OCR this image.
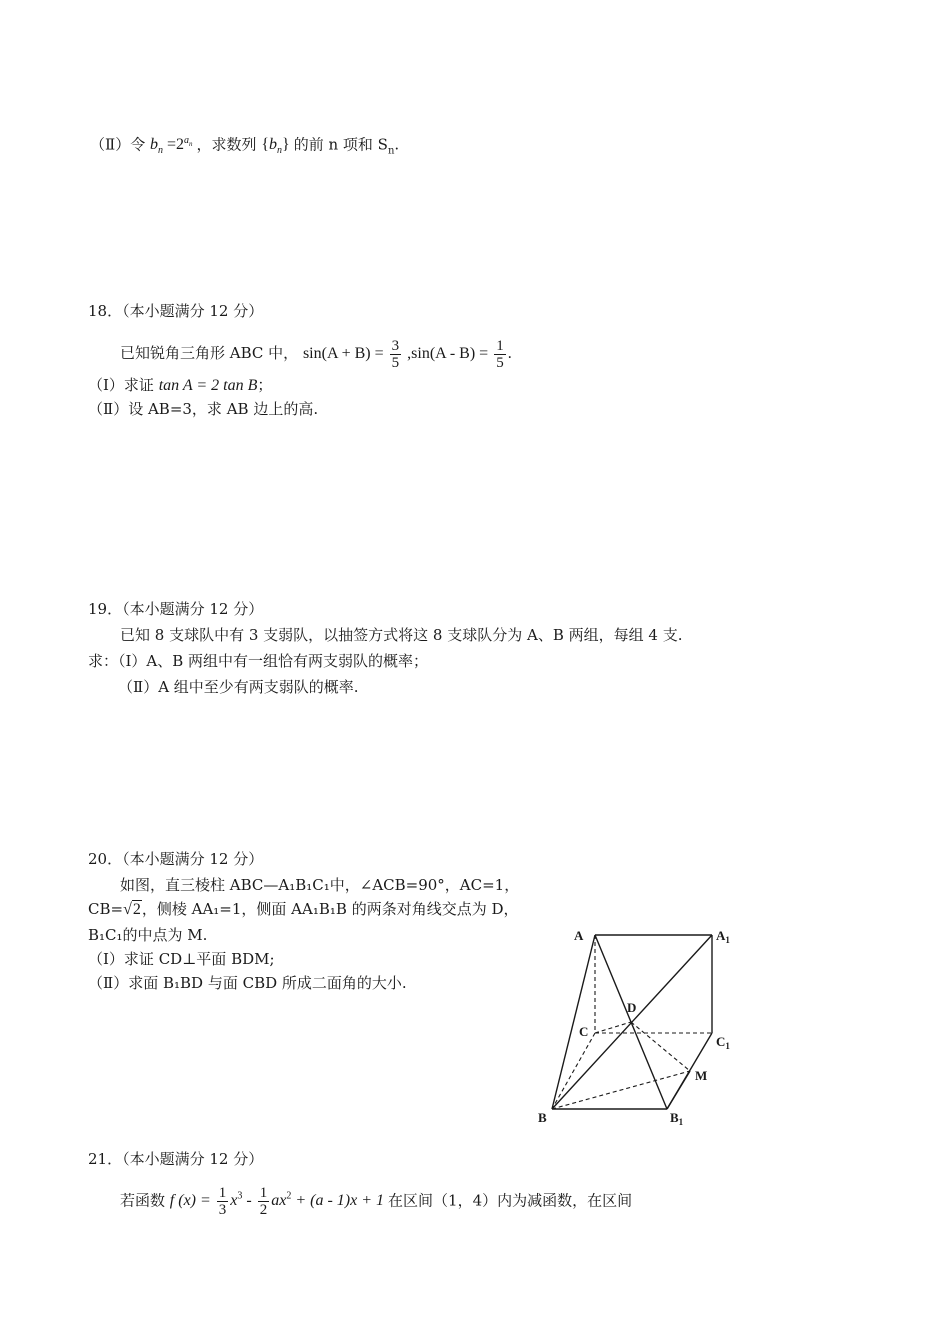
（Ⅱ）令 $b_n =2^{a_n}$ ，求数列 $\{b_n\}$ 的前 n 项和 $S_n$.
18．（本小题满分 12 分）
已知锐角三角形 ABC 中， $\sin(A + B) = \frac{3}{5} ,\sin(A - B) = \frac{1}{5}$ .
（Ⅰ）求证 tan A = 2 tan B；
（Ⅱ）设 AB=3，求 AB 边上的高.
19．（本小题满分 12 分）
已知 8 支球队中有 3 支弱队，以抽签方式将这 8 支球队分为 A、B 两组，每组 4 支.
求：（Ⅰ）A、B 两组中有一组恰有两支弱队的概率；
（Ⅱ）A 组中至少有两支弱队的概率.
20．（本小题满分 12 分）
如图，直三棱柱 ABC—A₁B₁C₁中，∠ACB=90°，AC=1，
CB=√2，侧棱 AA₁=1，侧面 AA₁B₁B 的两条对角线交点为 D，
B₁C₁的中点为 M.
（Ⅰ）求证 CD⊥平面 BDM;
（Ⅱ）求面 B₁BD 与面 CBD 所成二面角的大小.
A	$A_1$
D
C
$C_1$
M
B	$B_1$
21．（本小题满分 12 分）
若函数 f $(x) = \frac{1}{3} x^3 - \frac{1}{2} ax^2 + (a - 1)x + 1$ 在区间（1，4）内为减函数，在区间
